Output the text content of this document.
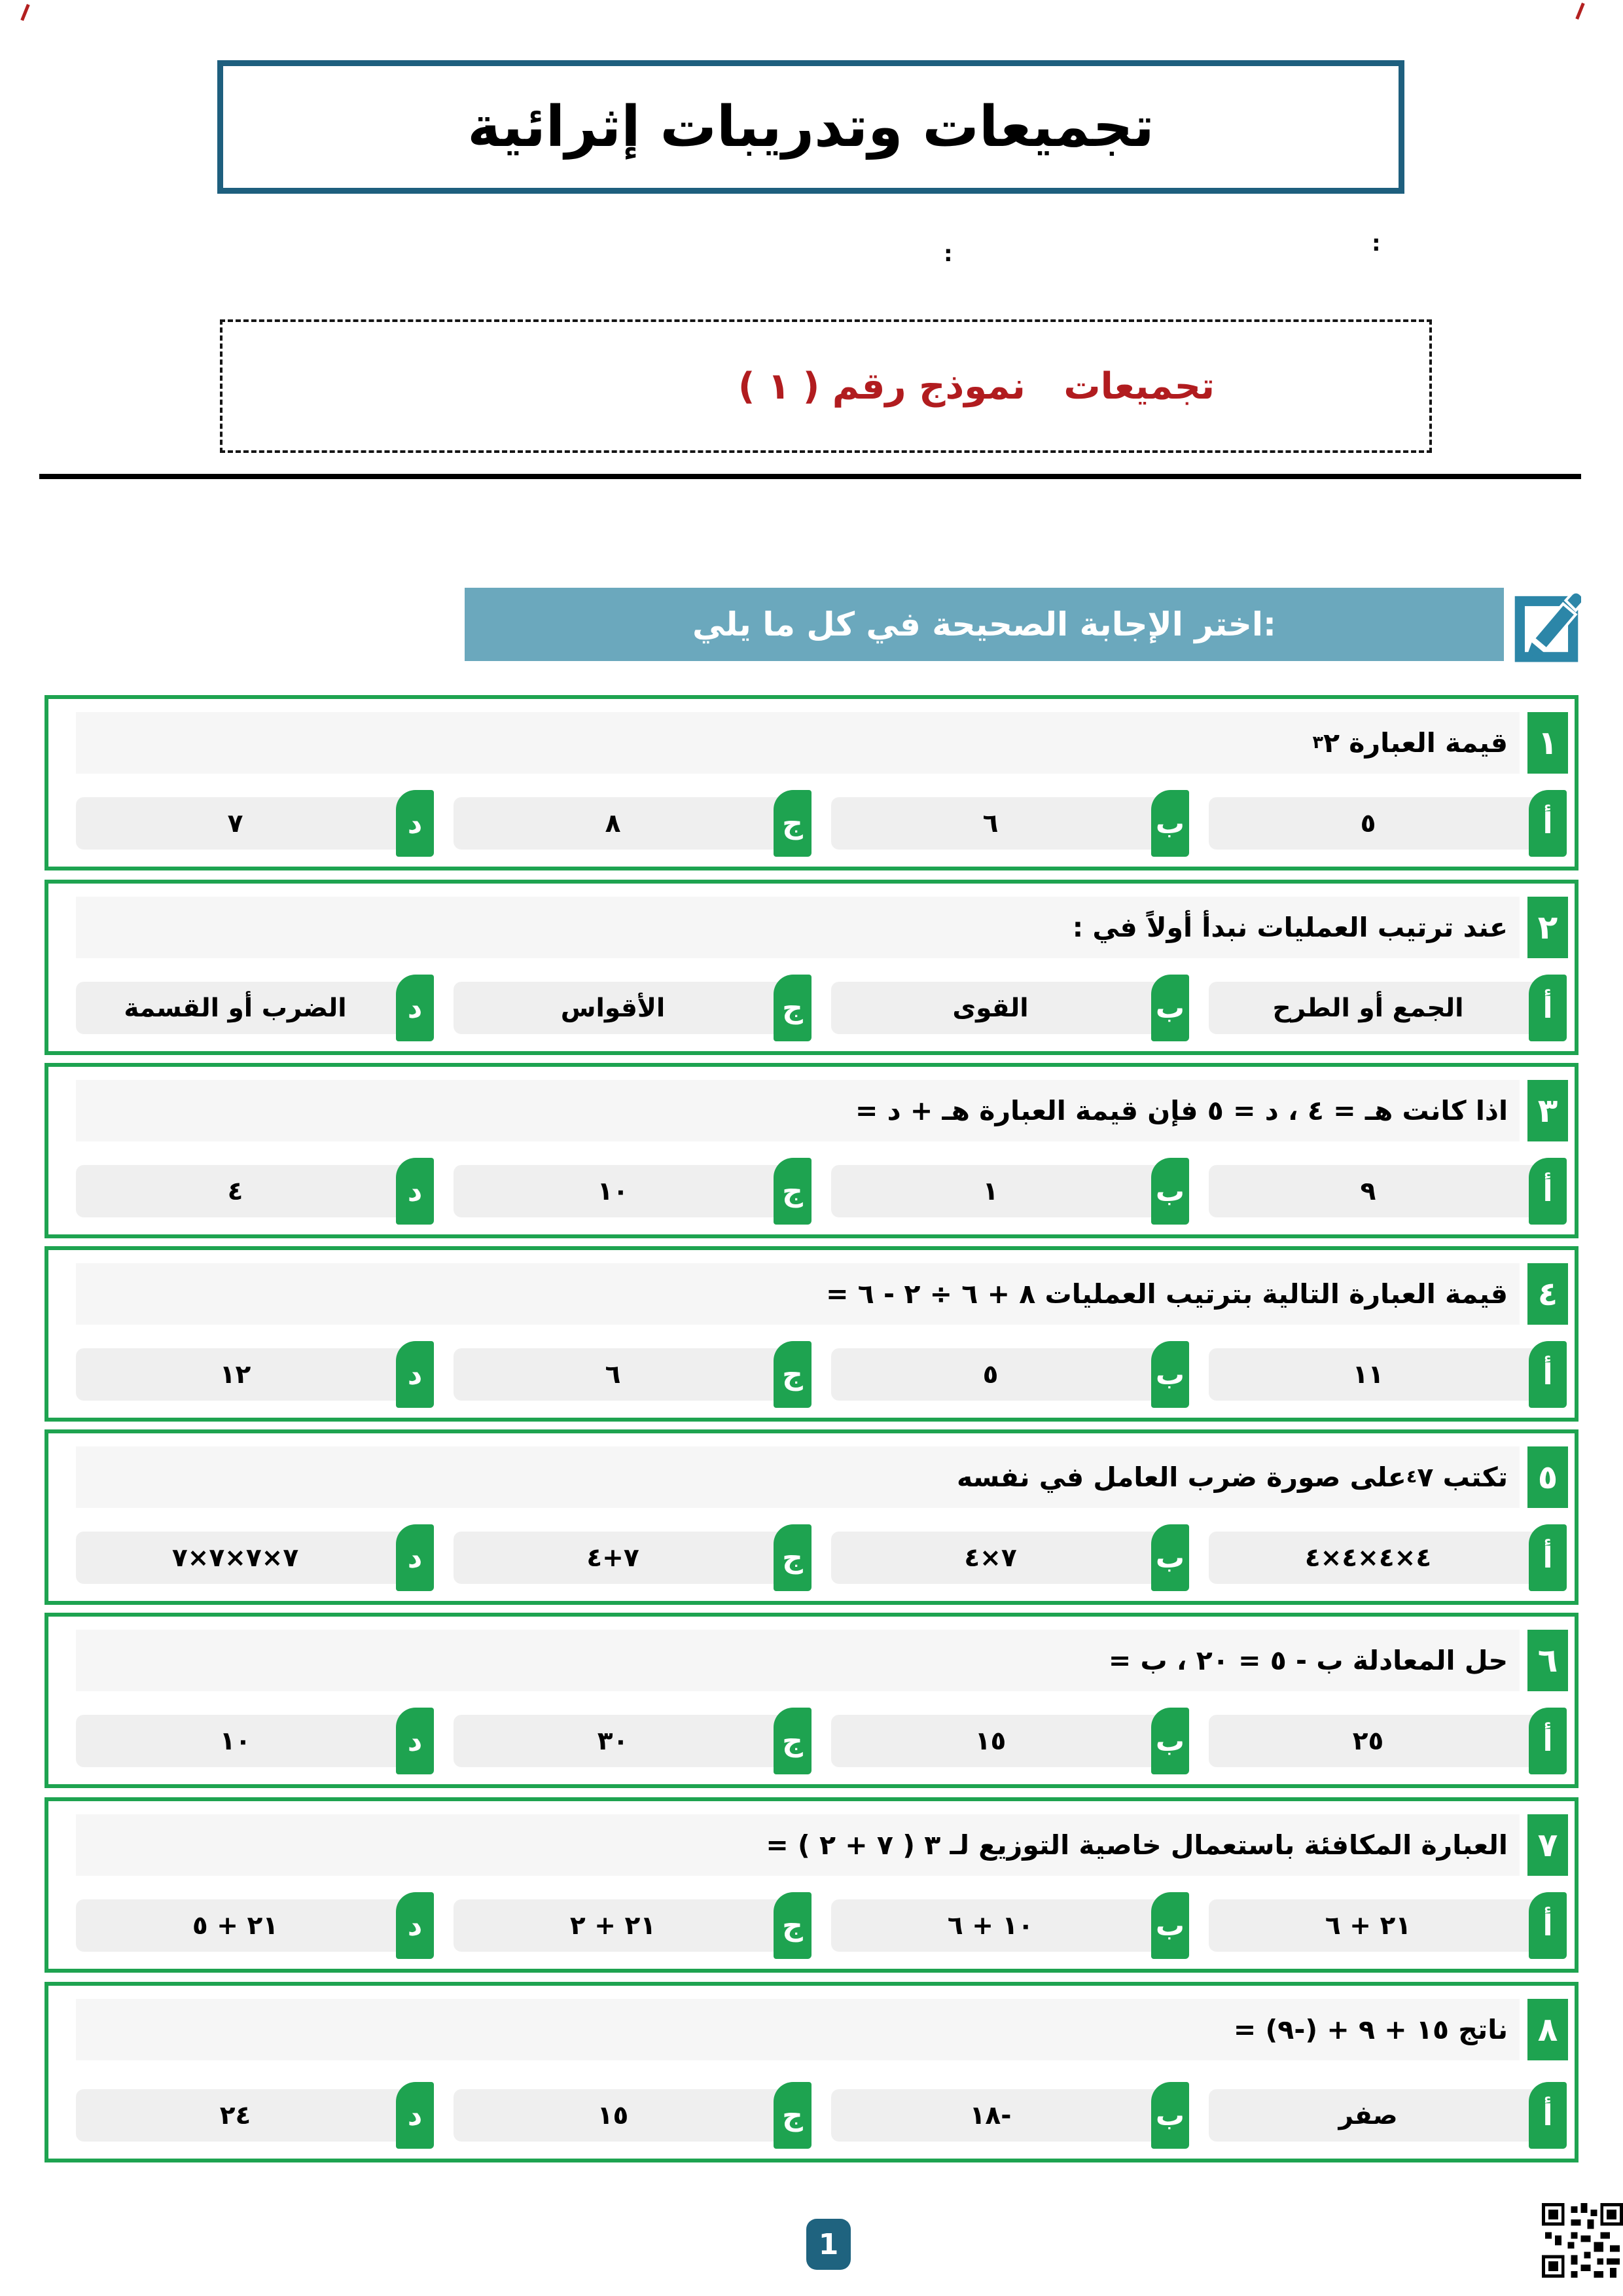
تجميعات وتدريبات إثرائية
:
:
تجميعات   نموذج رقم ( ١ )
:اختر الإجابة الصحيحة في كل ما يلي
١
قيمة العبارة ٢
٣
٥	أ
٦	ب
٨	ج
٧	د
٢
عند ترتيب العمليات نبدأ أولاً في :
الجمع أو الطرح	أ
القوى	ب
الأقواس	ج
الضرب أو القسمة	د
٣
اذا كانت هـ = ٤ ، د = ٥ فإن قيمة العبارة هـ + د =
٩	أ
١	ب
١٠	ج
٤	د
٤
قيمة العبارة التالية بترتيب العمليات ٨ + ٦ ÷ ٢ - ٦ =
١١	أ
٥	ب
٦	ج
١٢	د
٥
تكتب ٧
٤
على صورة ضرب العامل في نفسه
٤×٤×٤×٤	أ
٧×٤	ب
٧+٤	ج
٧×٧×٧×٧	د
٦
حل المعادلة ب - ٥ = ٢٠ ، ب =
٢٥	أ
١٥	ب
٣٠	ج
١٠	د
٧
العبارة المكافئة باستعمال خاصية التوزيع لـ ٣ ( ٧ + ٢ ) =
٢١ + ٦	أ
١٠ + ٦	ب
٢١ + ٢	ج
٢١ + ٥	د
٨
ناتج ١٥ + ٩ + (-٩) =
صفر	أ
-١٨	ب
١٥	ج
٢٤	د
1
